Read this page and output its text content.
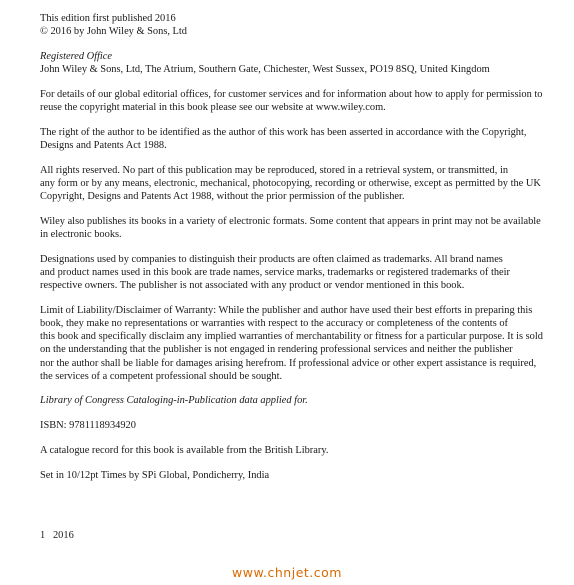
This edition first published 2016
© 2016 by John Wiley & Sons, Ltd
Registered Office
John Wiley & Sons, Ltd, The Atrium, Southern Gate, Chichester, West Sussex, PO19 8SQ, United Kingdom
For details of our global editorial offices, for customer services and for information about how to apply for permission to
reuse the copyright material in this book please see our website at www.wiley.com.
The right of the author to be identified as the author of this work has been asserted in accordance with the Copyright,
Designs and Patents Act 1988.
All rights reserved. No part of this publication may be reproduced, stored in a retrieval system, or transmitted, in
any form or by any means, electronic, mechanical, photocopying, recording or otherwise, except as permitted by the UK
Copyright, Designs and Patents Act 1988, without the prior permission of the publisher.
Wiley also publishes its books in a variety of electronic formats. Some content that appears in print may not be available
in electronic books.
Designations used by companies to distinguish their products are often claimed as trademarks. All brand names
and product names used in this book are trade names, service marks, trademarks or registered trademarks of their
respective owners. The publisher is not associated with any product or vendor mentioned in this book.
Limit of Liability/Disclaimer of Warranty: While the publisher and author have used their best efforts in preparing this
book, they make no representations or warranties with respect to the accuracy or completeness of the contents of
this book and specifically disclaim any implied warranties of merchantability or fitness for a particular purpose. It is sold
on the understanding that the publisher is not engaged in rendering professional services and neither the publisher
nor the author shall be liable for damages arising herefrom. If professional advice or other expert assistance is required,
the services of a competent professional should be sought.
Library of Congress Cataloging-in-Publication data applied for.
ISBN: 9781118934920
A catalogue record for this book is available from the British Library.
Set in 10/12pt Times by SPi Global, Pondicherry, India
1   2016
www.chnjet.com
